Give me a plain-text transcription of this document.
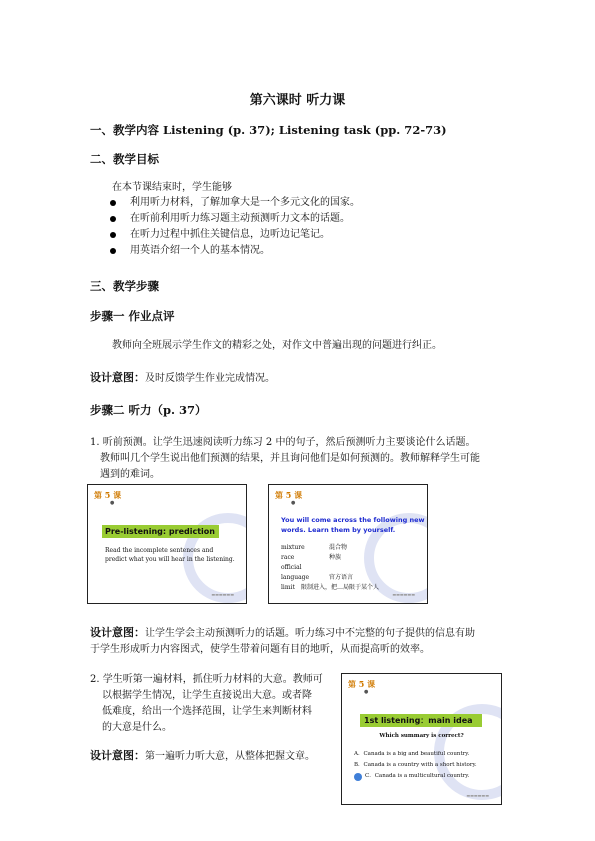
第六课时 听力课
一、教学内容 Listening (p. 37); Listening task (pp. 72-73)
二、教学目标
在本节课结束时，学生能够
利用听力材料，了解加拿大是一个多元文化的国家。
在听前利用听力练习题主动预测听力文本的话题。
在听力过程中抓住关键信息，边听边记笔记。
用英语介绍一个人的基本情况。
三、教学步骤
步骤一 作业点评
教师向全班展示学生作文的精彩之处，对作文中普遍出现的问题进行纠正。
设计意图：及时反馈学生作业完成情况。
步骤二 听力（p. 37）
1. 听前预测。让学生迅速阅读听力练习 2 中的句子，然后预测听力主要谈论什么话题。
教师叫几个学生说出他们预测的结果，并且询问他们是如何预测的。教师解释学生可能
遇到的难词。
第 5 课
●
Pre-listening: prediction
Read the incomplete sentences and
predict what you will hear in the listening.
▬▬▬▬▬▬
第 5 课
●
You will come across the following new
words. Learn them by yourself.
mixture	混合物
race	种族
official language	官方语言
limit 限制进入，把…局限于某个人
▬▬▬▬▬▬
设计意图：让学生学会主动预测听力的话题。听力练习中不完整的句子提供的信息有助
于学生形成听力内容图式，使学生带着问题有目的地听，从而提高听的效率。
2. 学生听第一遍材料，抓住听力材料的大意。教师可
以根据学生情况，让学生直接说出大意。或者降
低难度，给出一个选择范围，让学生来判断材料
的大意是什么。
设计意图：第一遍听力听大意，从整体把握文章。
第 5 课
●
1st listening：main idea
Which summary is correct?
A．Canada is a big and beautiful country.
B．Canada is a country with a short history.
C．Canada is a multicultural country.
▬▬▬▬▬▬
